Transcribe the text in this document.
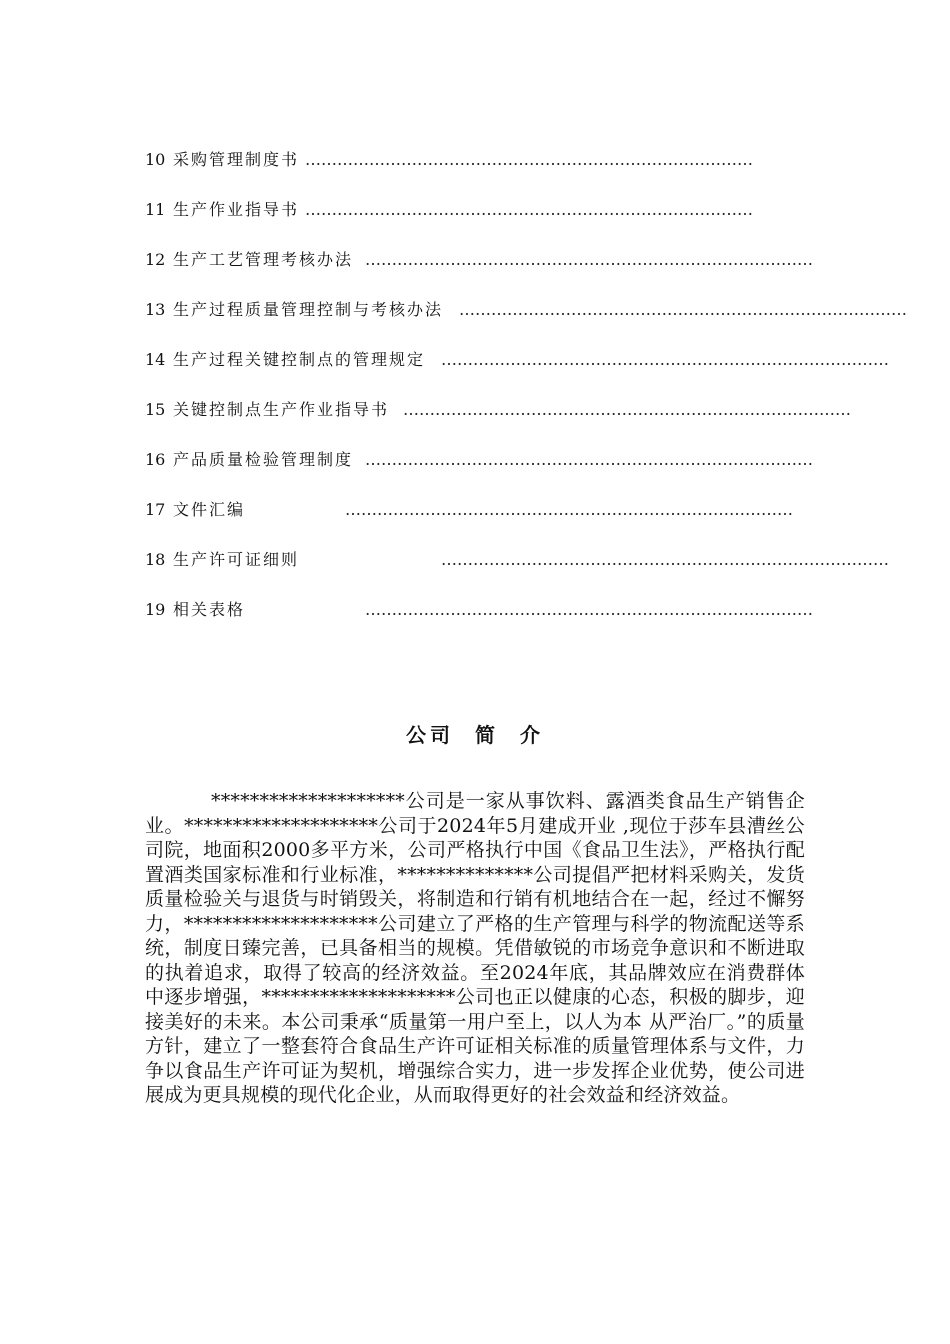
10 采购管理制度书 …………………………………………………………………………
11 生产作业指导书 …………………………………………………………………………
12 生产工艺管理考核办法 …………………………………………………………………………
13 生产过程质量管理控制与考核办法 …………………………………………………………………………
14 生产过程关键控制点的管理规定 …………………………………………………………………………
15 关键控制点生产作业指导书 …………………………………………………………………………
16 产品质量检验管理制度 …………………………………………………………………………
17 文件汇编	…………………………………………………………………………
18 生产许可证细则	…………………………………………………………………………
19 相关表格	…………………………………………………………………………
公司 简 介

********************公司是一家从事饮料、露酒类食品生产销售企业。********************公司于2024年5月建成开业 ,现位于莎车县漕丝公司院，地面积2000多平方米，公司严格执行中国《食品卫生法》，严格执行配置酒类国家标准和行业标准，**************公司提倡严把材料采购关，发货质量检验关与退货与时销毁关，将制造和行销有机地结合在一起，经过不懈努力，********************公司建立了严格的生产管理与科学的物流配送等系统，制度日臻完善，已具备相当的规模。凭借敏锐的市场竞争意识和不断进取的执着追求，取得了较高的经济效益。至2024年底，其品牌效应在消费群体中逐步增强，********************公司也正以健康的心态，积极的脚步，迎接美好的未来。本公司秉承“质量第一用户至上，以人为本 从严治厂。”的质量方针，建立了一整套符合食品生产许可证相关标准的质量管理体系与文件，力争以食品生产许可证为契机，增强综合实力，进一步发挥企业优势，使公司进展成为更具规模的现代化企业，从而取得更好的社会效益和经济效益。
